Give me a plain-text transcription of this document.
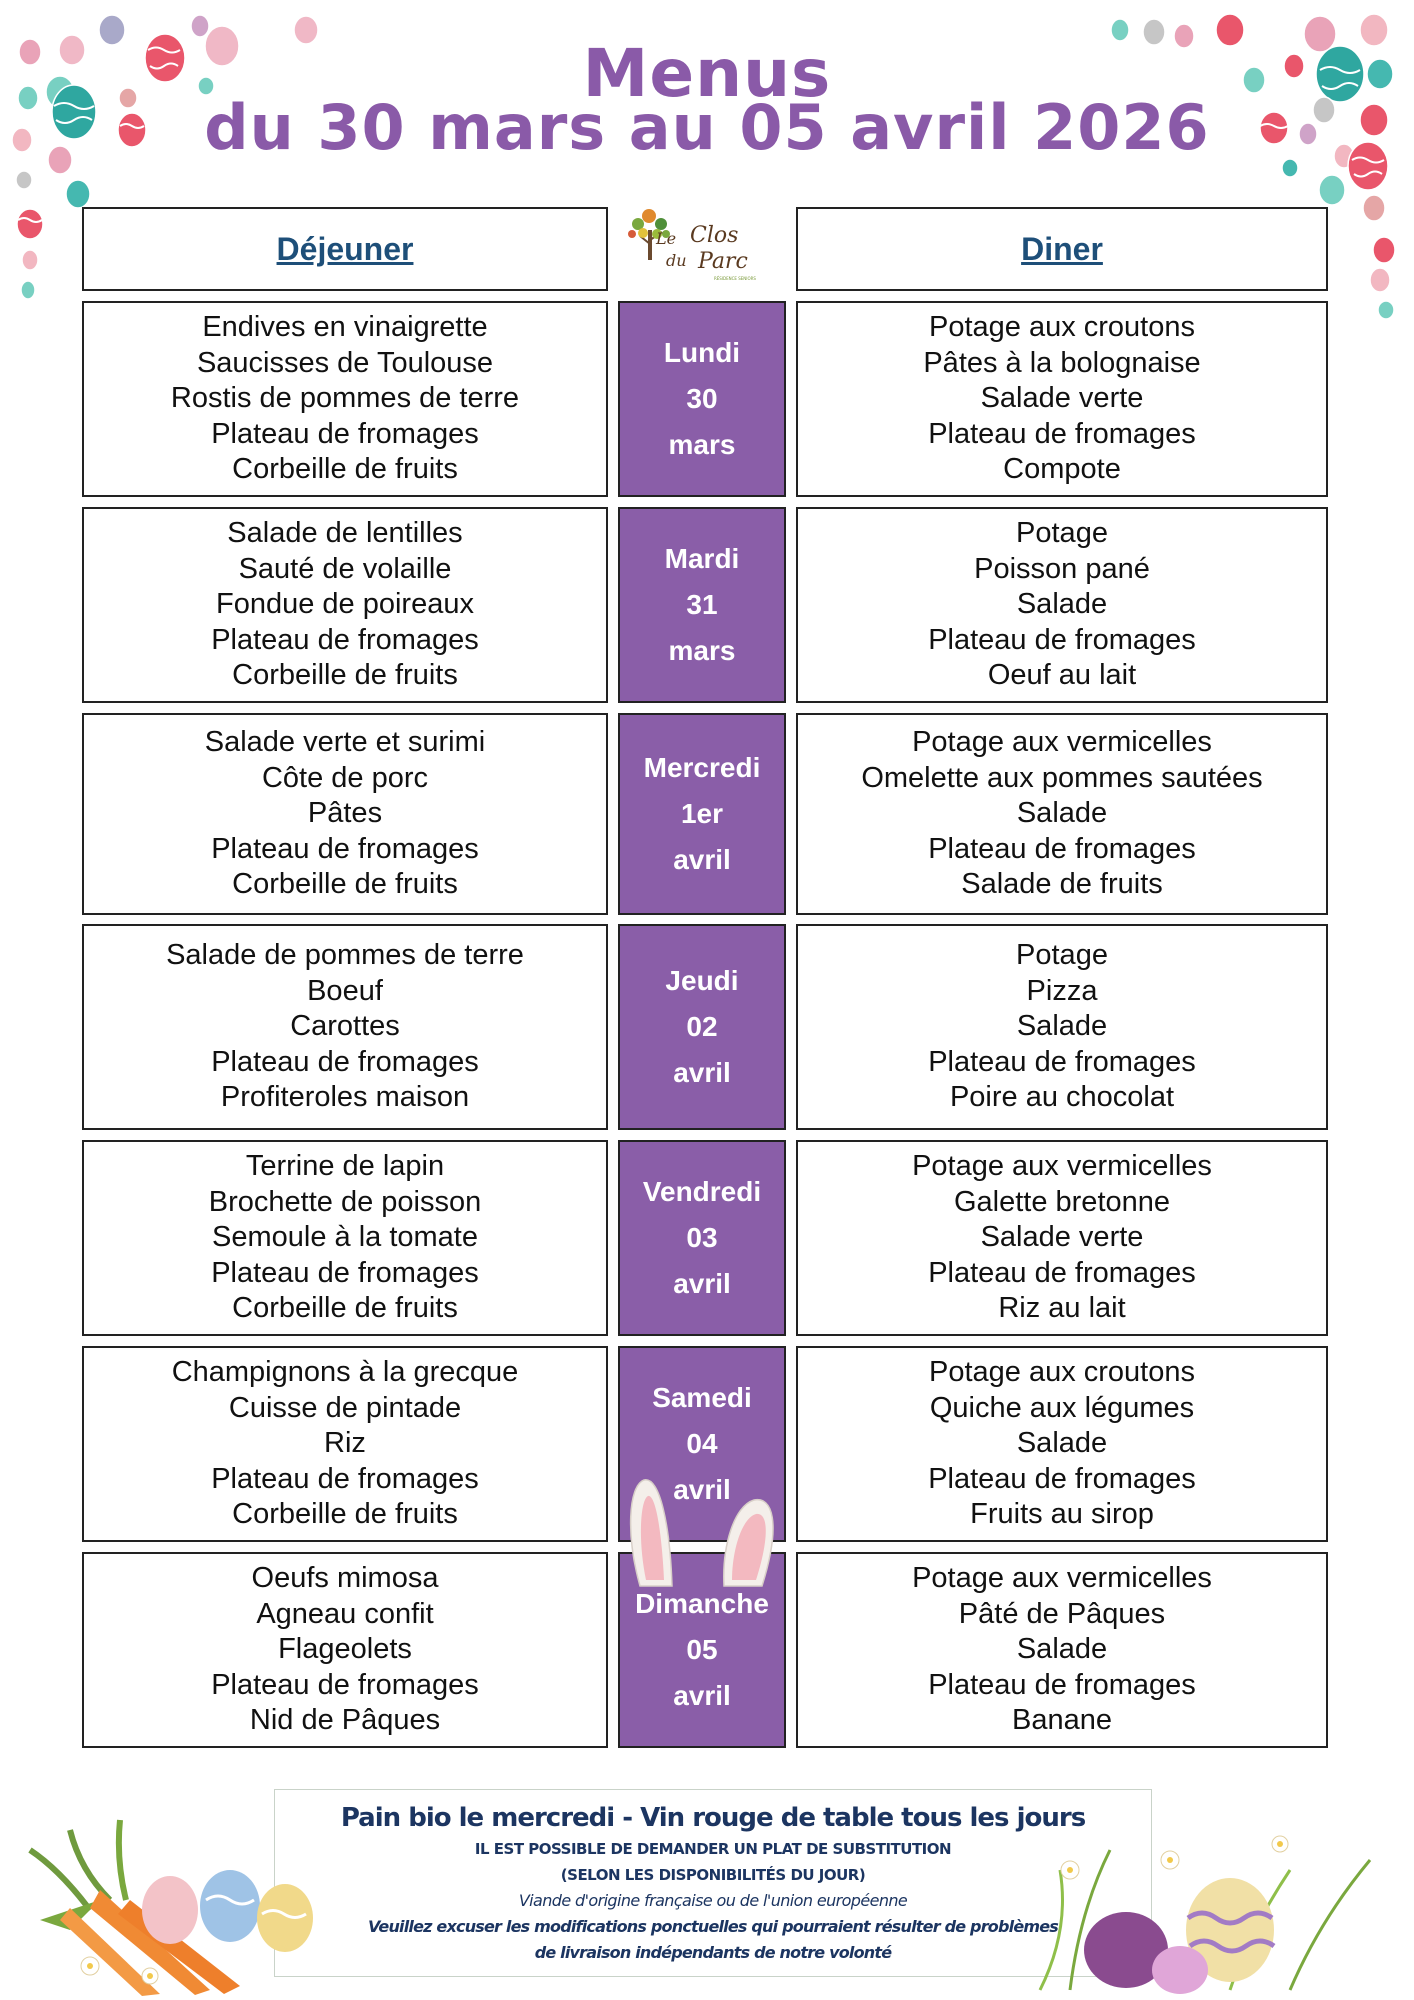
Menus
du 30 mars au 05 avril 2026
Déjeuner	Diner
Le Clos
du Parc
RÉSIDENCE SENIORS
Endives en vinaigrette
Saucisses de Toulouse
Rostis de pommes de terre
Plateau de fromages
Corbeille de fruits
Lundi
30
mars
Potage aux croutons
Pâtes à la bolognaise
Salade verte
Plateau de fromages
Compote
Salade de lentilles
Sauté de volaille
Fondue de poireaux
Plateau de fromages
Corbeille de fruits
Mardi
31
mars
Potage
Poisson pané
Salade
Plateau de fromages
Oeuf au lait
Salade verte et surimi
Côte de porc
Pâtes
Plateau de fromages
Corbeille de fruits
Mercredi
1er
avril
Potage aux vermicelles
Omelette aux pommes sautées
Salade
Plateau de fromages
Salade de fruits
Salade de pommes de terre
Boeuf
Carottes
Plateau de fromages
Profiteroles maison
Jeudi
02
avril
Potage
Pizza
Salade
Plateau de fromages
Poire au chocolat
Terrine de lapin
Brochette de poisson
Semoule à la tomate
Plateau de fromages
Corbeille de fruits
Vendredi
03
avril
Potage aux vermicelles
Galette bretonne
Salade verte
Plateau de fromages
Riz au lait
Champignons à la grecque
Cuisse de pintade
Riz
Plateau de fromages
Corbeille de fruits
Samedi
04
avril
Potage aux croutons
Quiche aux légumes
Salade
Plateau de fromages
Fruits au sirop
Oeufs mimosa
Agneau confit
Flageolets
Plateau de fromages
Nid de Pâques
Dimanche
05
avril
Potage aux vermicelles
Pâté de Pâques
Salade
Plateau de fromages
Banane
Pain bio le mercredi - Vin rouge de table tous les jours
IL EST POSSIBLE DE DEMANDER UN PLAT DE SUBSTITUTION
(SELON LES DISPONIBILITÉS DU JOUR)
Viande d'origine française ou de l'union européenne
Veuillez excuser les modifications ponctuelles qui pourraient résulter de problèmes
de livraison indépendants de notre volonté
